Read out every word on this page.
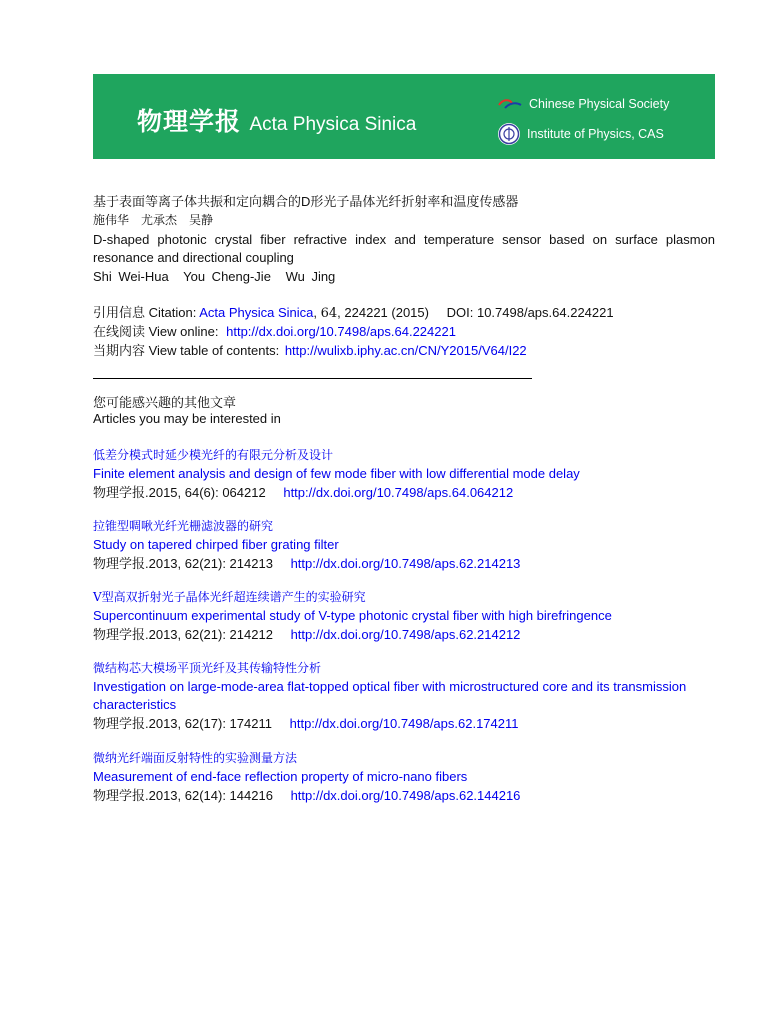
物理学报 Acta Physica Sinica
Chinese Physical Society
Institute of Physics, CAS
基于表面等离子体共振和定向耦合的D形光子晶体光纤折射率和温度传感器
施伟华　尤承杰　吴静
D-shaped photonic crystal fiber refractive index and temperature sensor based on surface plasmon resonance and directional coupling
Shi Wei-Hua You Cheng-Jie Wu Jing
引用信息 Citation: Acta Physica Sinica, 64, 224221 (2015) DOI: 10.7498/aps.64.224221
在线阅读 View online: http://dx.doi.org/10.7498/aps.64.224221
当期内容 View table of contents: http://wulixb.iphy.ac.cn/CN/Y2015/V64/I22
您可能感兴趣的其他文章
Articles you may be interested in
低差分模式时延少模光纤的有限元分析及设计
Finite element analysis and design of few mode fiber with low differential mode delay
物理学报.2015, 64(6): 064212 http://dx.doi.org/10.7498/aps.64.064212
拉锥型啁啾光纤光栅滤波器的研究
Study on tapered chirped fiber grating filter
物理学报.2013, 62(21): 214213 http://dx.doi.org/10.7498/aps.62.214213
V型高双折射光子晶体光纤超连续谱产生的实验研究
Supercontinuum experimental study of V-type photonic crystal fiber with high birefringence
物理学报.2013, 62(21): 214212 http://dx.doi.org/10.7498/aps.62.214212
微结构芯大模场平顶光纤及其传输特性分析
Investigation on large-mode-area flat-topped optical fiber with microstructured core and its transmission characteristics
物理学报.2013, 62(17): 174211 http://dx.doi.org/10.7498/aps.62.174211
微纳光纤端面反射特性的实验测量方法
Measurement of end-face reflection property of micro-nano fibers
物理学报.2013, 62(14): 144216 http://dx.doi.org/10.7498/aps.62.144216
